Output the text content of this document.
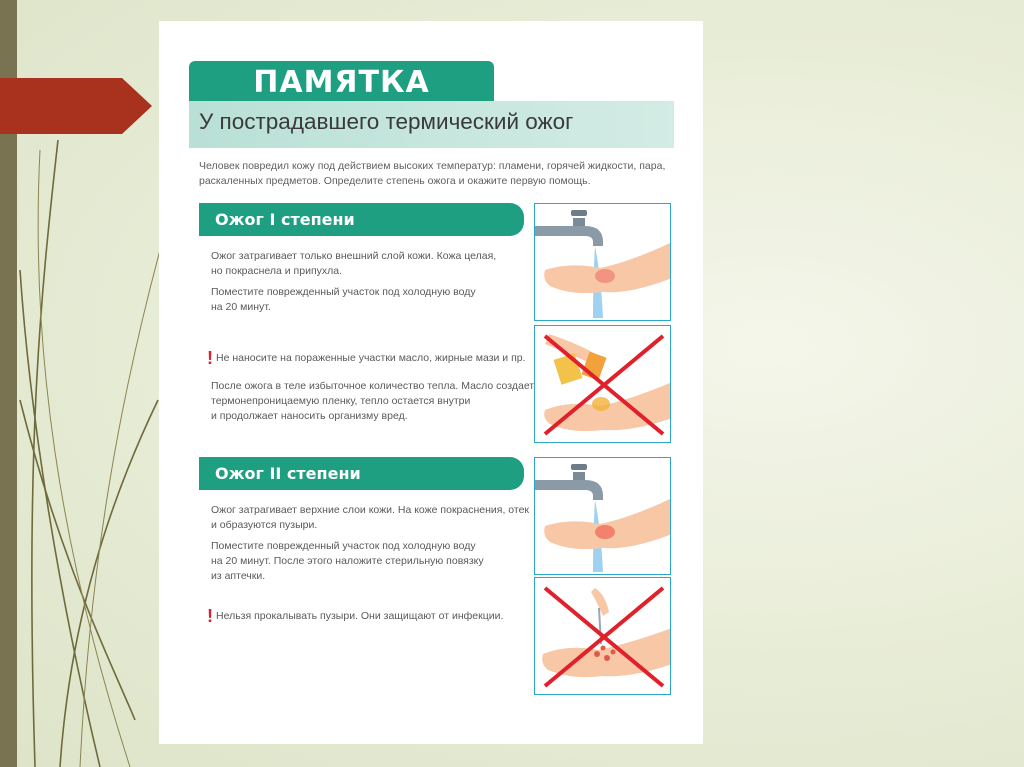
ПАМЯТКА
У пострадавшего термический ожог
Человек повредил кожу под действием высоких температур: пламени, горячей жидкости, пара, раскаленных предметов. Определите степень ожога и окажите первую помощь.
Ожог I степени
Ожог затрагивает только внешний слой кожи. Кожа целая,
но покраснела и припухла.
Поместите поврежденный участок под холодную воду
на 20 минут.
! Не наносите на пораженные участки масло, жирные мази и пр.
После ожога в теле избыточное количество тепла. Масло создает
термонепроницаемую пленку, тепло остается внутри
и продолжает наносить организму вред.
Ожог II степени
Ожог затрагивает верхние слои кожи. На коже покраснения, отек
и образуются пузыри.
Поместите поврежденный участок под холодную воду
на 20 минут. После этого наложите стерильную повязку
из аптечки.
! Нельзя прокалывать пузыри. Они защищают от инфекции.
